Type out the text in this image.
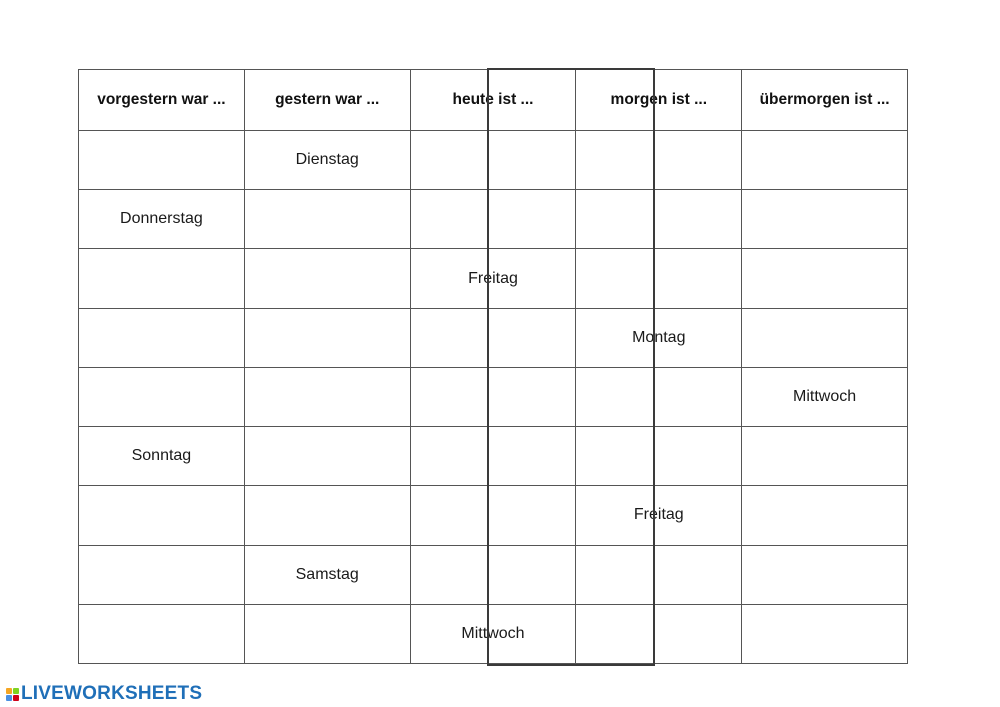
vorgestern war ...	gestern war ...	heute ist ...	morgen ist ...	übermorgen ist ...
	Dienstag			
Donnerstag				
		Freitag		
			Montag	
				Mittwoch
Sonntag				
			Freitag	
	Samstag			
		Mittwoch		
LIVEWORKSHEETS
